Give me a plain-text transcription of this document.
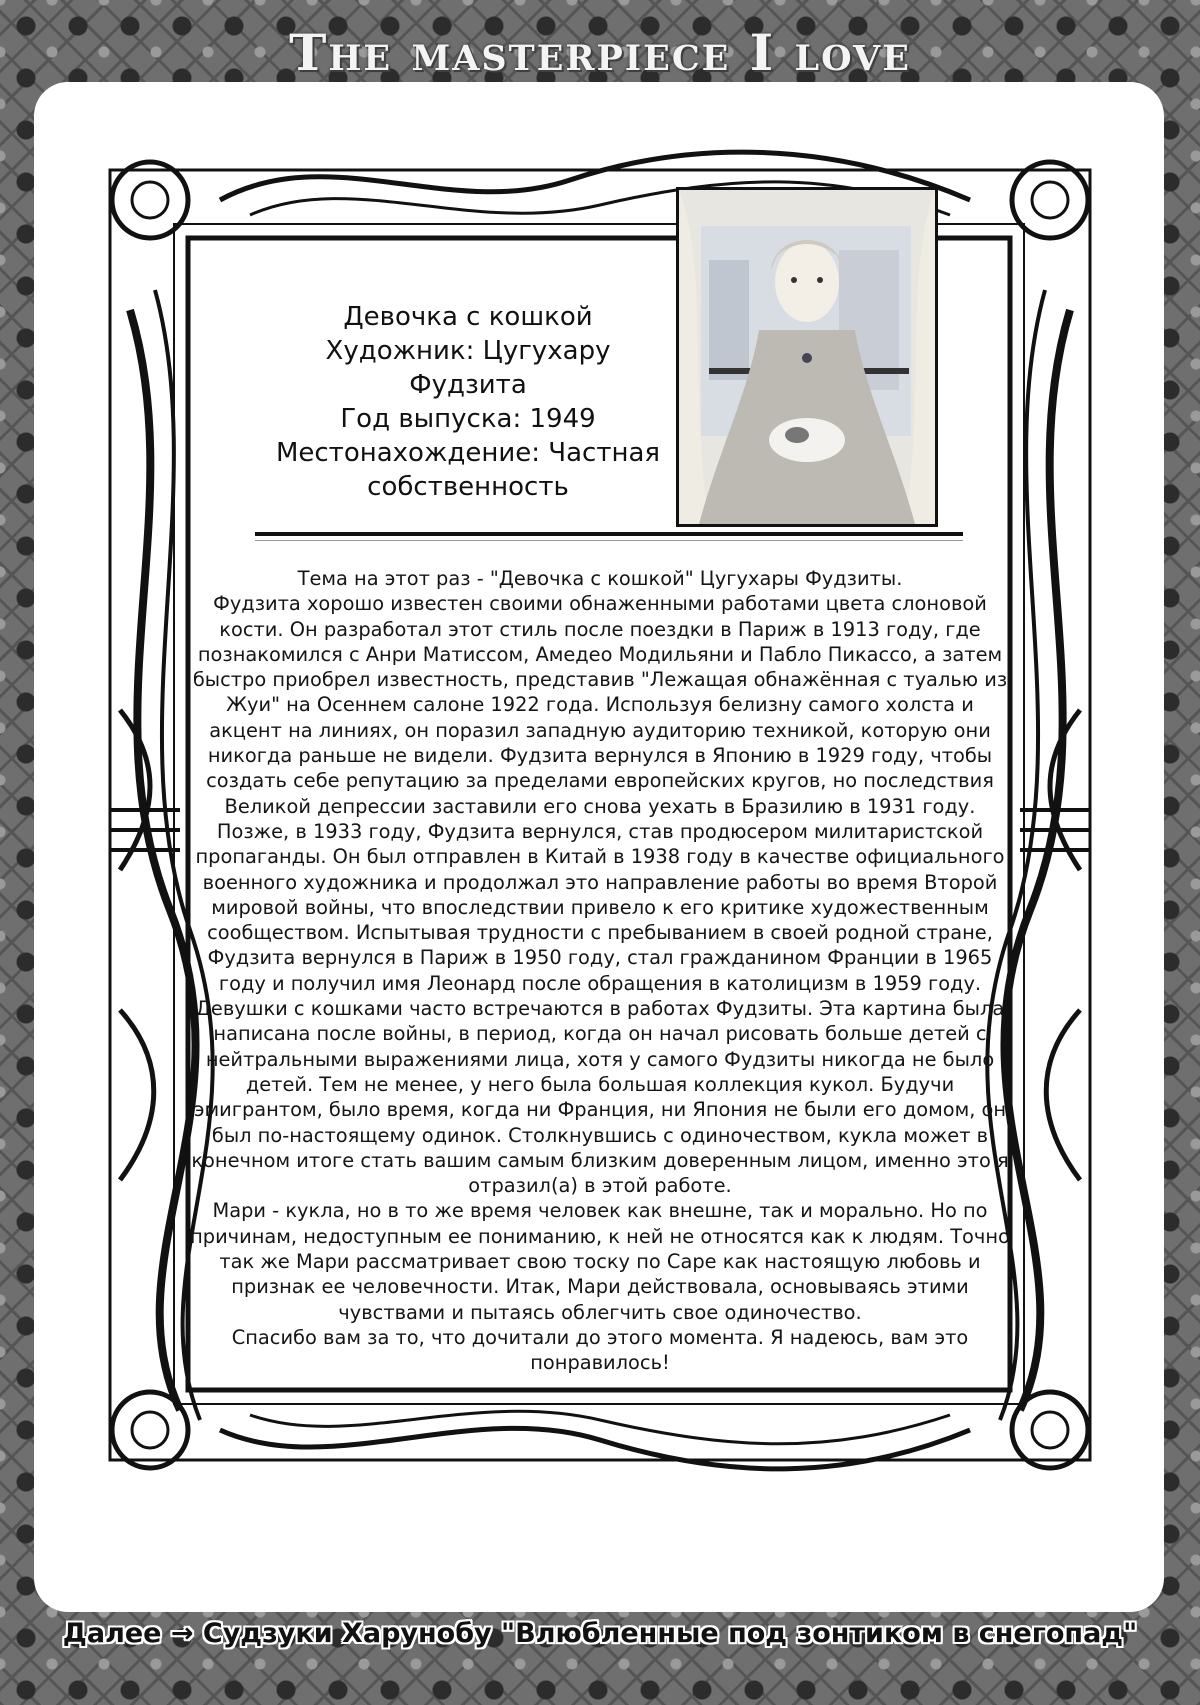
The masterpiece I love
Девочка с кошкой
Художник: Цугухару
Фудзита
Год выпуска: 1949
Местонахождение: Частная
собственность

Тема на этот раз - "Девочка с кошкой" Цугухары Фудзиты.

Фудзита хорошо известен своими обнаженными работами цвета слоновой кости. Он разработал этот стиль после поездки в Париж в 1913 году, где познакомился с Анри Матиссом, Амедео Модильяни и Пабло Пикассо, а затем быстро приобрел известность, представив "Лежащая обнажённая с туалью из Жуи" на Осеннем салоне 1922 года. Используя белизну самого холста и акцент на линиях, он поразил западную аудиторию техникой, которую они никогда раньше не видели. Фудзита вернулся в Японию в 1929 году, чтобы создать себе репутацию за пределами европейских кругов, но последствия Великой депрессии заставили его снова уехать в Бразилию в 1931 году.

Позже, в 1933 году, Фудзита вернулся, став продюсером милитаристской пропаганды. Он был отправлен в Китай в 1938 году в качестве официального военного художника и продолжал это направление работы во время Второй мировой войны, что впоследствии привело к его критике художественным сообществом. Испытывая трудности с пребыванием в своей родной стране, Фудзита вернулся в Париж в 1950 году, стал гражданином Франции в 1965 году и получил имя Леонард после обращения в католицизм в 1959 году.

Девушки с кошками часто встречаются в работах Фудзиты. Эта картина была написана после войны, в период, когда он начал рисовать больше детей с нейтральными выражениями лица, хотя у самого Фудзиты никогда не было детей. Тем не менее, у него была большая коллекция кукол. Будучи эмигрантом, было время, когда ни Франция, ни Япония не были его домом, он был по-настоящему одинок. Столкнувшись с одиночеством, кукла может в конечном итоге стать вашим самым близким доверенным лицом, именно это я отразил(а) в этой работе.

Мари - кукла, но в то же время человек как внешне, так и морально. Но по причинам, недоступным ее пониманию, к ней не относятся как к людям. Точно так же Мари рассматривает свою тоску по Саре как настоящую любовь и признак ее человечности. Итак, Мари действовала, основываясь этими чувствами и пытаясь облегчить свое одиночество.

Спасибо вам за то, что дочитали до этого момента. Я надеюсь, вам это понравилось!

Далее → Судзуки Харунобу "Влюбленные под зонтиком в снегопад"
